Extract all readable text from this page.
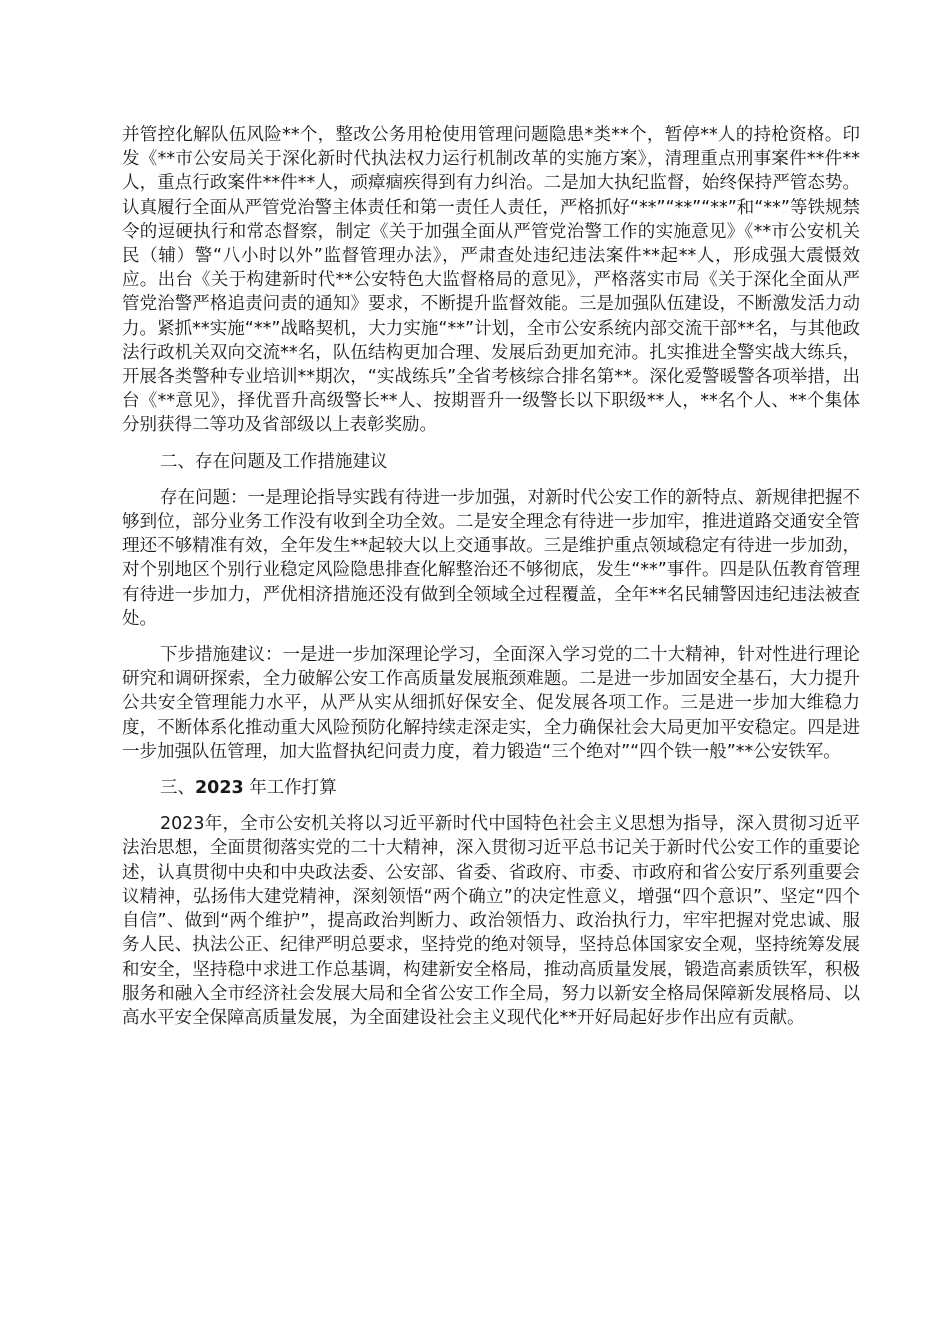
并管控化解队伍风险**个，整改公务用枪使用管理问题隐患*类**个，暂停**人的持枪资格。印发《**市公安局关于深化新时代执法权力运行机制改革的实施方案》，清理重点刑事案件**件**人，重点行政案件**件**人，顽瘴痼疾得到有力纠治。二是加大执纪监督，始终保持严管态势。认真履行全面从严管党治警主体责任和第一责任人责任，严格抓好“**”“**”“**”和“**”等铁规禁令的逗硬执行和常态督察，制定《关于加强全面从严管党治警工作的实施意见》《**市公安机关民（辅）警“八小时以外”监督管理办法》，严肃查处违纪违法案件**起**人，形成强大震慑效应。出台《关于构建新时代**公安特色大监督格局的意见》，严格落实市局《关于深化全面从严管党治警严格追责问责的通知》要求，不断提升监督效能。三是加强队伍建设，不断激发活力动力。紧抓**实施“**”战略契机，大力实施“**”计划，全市公安系统内部交流干部**名，与其他政法行政机关双向交流**名，队伍结构更加合理、发展后劲更加充沛。扎实推进全警实战大练兵，开展各类警种专业培训**期次，“实战练兵”全省考核综合排名第**。深化爱警暖警各项举措，出台《**意见》，择优晋升高级警长**人、按期晋升一级警长以下职级**人，**名个人、**个集体分别获得二等功及省部级以上表彰奖励。

二、存在问题及工作措施建议

存在问题：一是理论指导实践有待进一步加强，对新时代公安工作的新特点、新规律把握不够到位，部分业务工作没有收到全功全效。二是安全理念有待进一步加牢，推进道路交通安全管理还不够精准有效，全年发生**起较大以上交通事故。三是维护重点领域稳定有待进一步加劲，对个别地区个别行业稳定风险隐患排查化解整治还不够彻底，发生“**”事件。四是队伍教育管理有待进一步加力，严优相济措施还没有做到全领域全过程覆盖，全年**名民辅警因违纪违法被查处。

下步措施建议：一是进一步加深理论学习，全面深入学习党的二十大精神，针对性进行理论研究和调研探索，全力破解公安工作高质量发展瓶颈难题。二是进一步加固安全基石，大力提升公共安全管理能力水平，从严从实从细抓好保安全、促发展各项工作。三是进一步加大维稳力度，不断体系化推动重大风险预防化解持续走深走实，全力确保社会大局更加平安稳定。四是进一步加强队伍管理，加大监督执纪问责力度，着力锻造“三个绝对”“四个铁一般”**公安铁军。

三、2023 年工作打算

2023年，全市公安机关将以习近平新时代中国特色社会主义思想为指导，深入贯彻习近平法治思想，全面贯彻落实党的二十大精神，深入贯彻习近平总书记关于新时代公安工作的重要论述，认真贯彻中央和中央政法委、公安部、省委、省政府、市委、市政府和省公安厅系列重要会议精神，弘扬伟大建党精神，深刻领悟“两个确立”的决定性意义，增强“四个意识”、坚定“四个自信”、做到“两个维护”，提高政治判断力、政治领悟力、政治执行力，牢牢把握对党忠诚、服务人民、执法公正、纪律严明总要求，坚持党的绝对领导，坚持总体国家安全观，坚持统筹发展和安全，坚持稳中求进工作总基调，构建新安全格局，推动高质量发展，锻造高素质铁军，积极服务和融入全市经济社会发展大局和全省公安工作全局，努力以新安全格局保障新发展格局、以高水平安全保障高质量发展，为全面建设社会主义现代化**开好局起好步作出应有贡献。
